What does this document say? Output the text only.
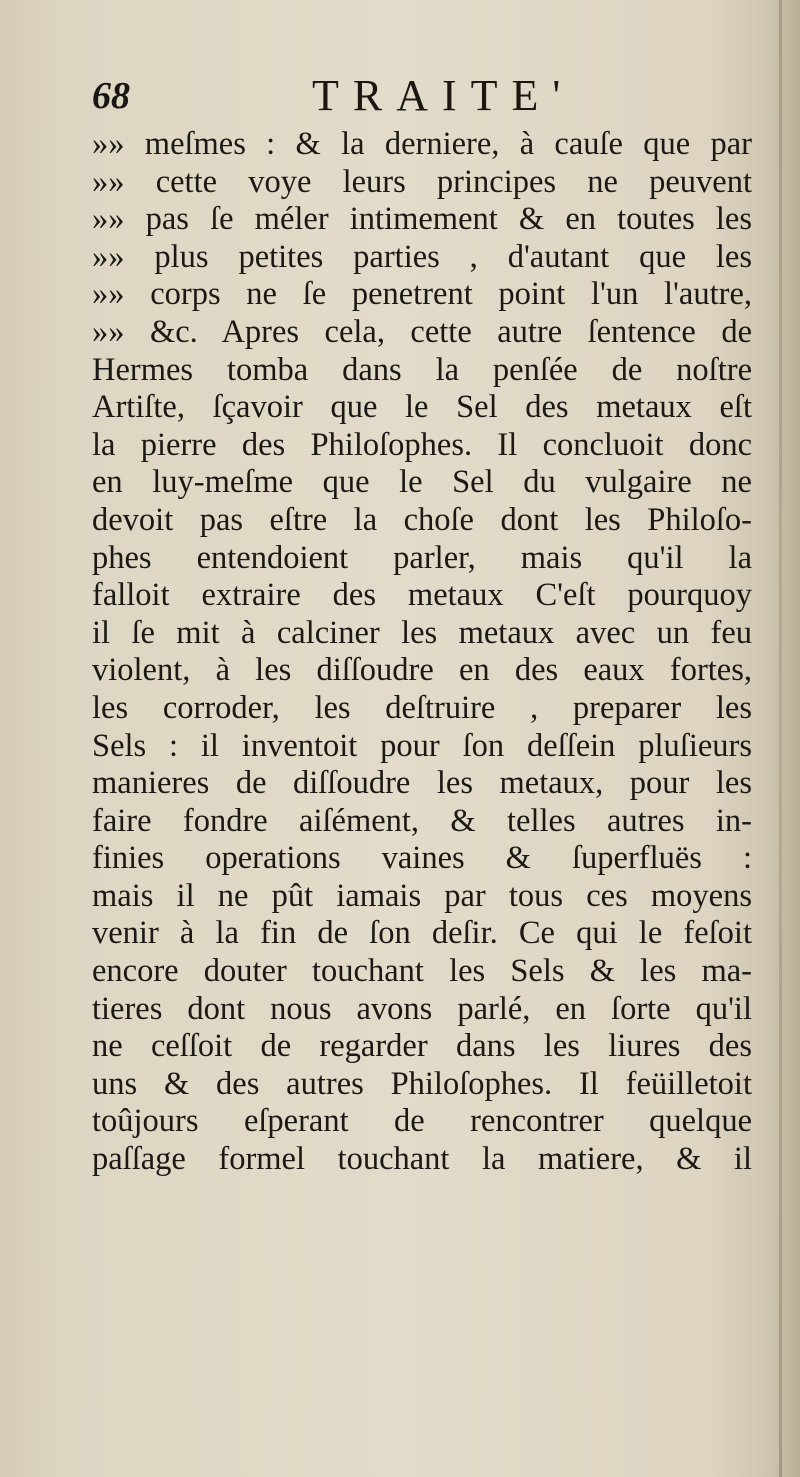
68	TRAITE'
»» meſmes : & la derniere, à cauſe que par
»» cette voye leurs principes ne peuvent
»» pas ſe méler intimement & en toutes les
»» plus petites parties , d'autant que les
»» corps ne ſe penetrent point l'un l'autre,
»» &c. Apres cela, cette autre ſentence de
Hermes tomba dans la penſée de noſtre
Artiſte, ſçavoir que le Sel des metaux eſt
la pierre des Philoſophes. Il concluoit donc
en luy-meſme que le Sel du vulgaire ne
devoit pas eſtre la choſe dont les Philoſo-
phes entendoient parler, mais qu'il la
falloit extraire des metaux C'eſt pourquoy
il ſe mit à calciner les metaux avec un feu
violent, à les diſſoudre en des eaux fortes,
les corroder, les deſtruire , preparer les
Sels : il inventoit pour ſon deſſein pluſieurs
manieres de diſſoudre les metaux, pour les
faire fondre aiſément, & telles autres in-
finies operations vaines & ſuperfluës :
mais il ne pût iamais par tous ces moyens
venir à la fin de ſon deſir. Ce qui le feſoit
encore douter touchant les Sels & les ma-
tieres dont nous avons parlé, en ſorte qu'il
ne ceſſoit de regarder dans les liures des
uns & des autres Philoſophes. Il feüilletoit
toûjours eſperant de rencontrer quelque
paſſage formel touchant la matiere, & il
